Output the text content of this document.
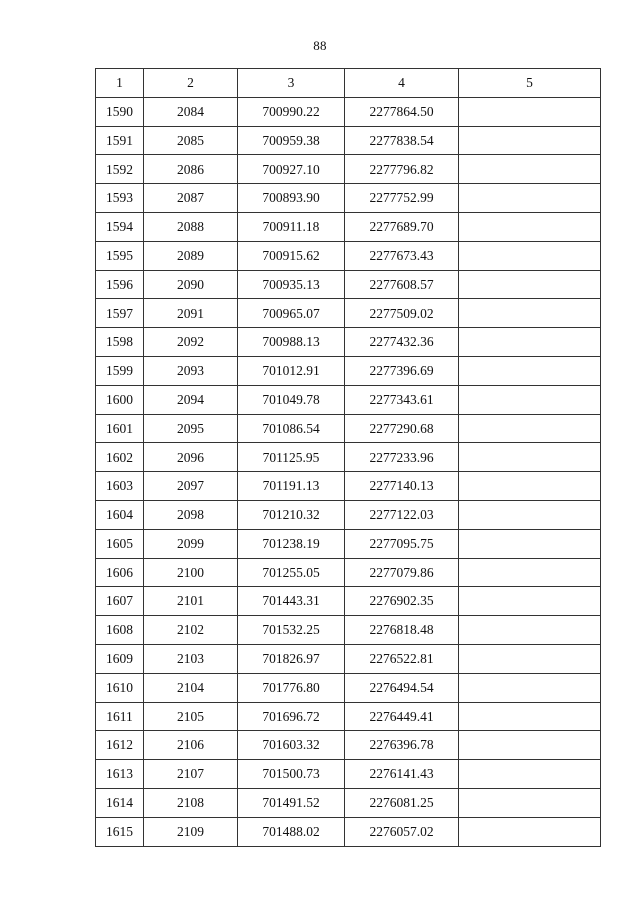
88
1	2	3	4	5
1590	2084	700990.22	2277864.50	
1591	2085	700959.38	2277838.54	
1592	2086	700927.10	2277796.82	
1593	2087	700893.90	2277752.99	
1594	2088	700911.18	2277689.70	
1595	2089	700915.62	2277673.43	
1596	2090	700935.13	2277608.57	
1597	2091	700965.07	2277509.02	
1598	2092	700988.13	2277432.36	
1599	2093	701012.91	2277396.69	
1600	2094	701049.78	2277343.61	
1601	2095	701086.54	2277290.68	
1602	2096	701125.95	2277233.96	
1603	2097	701191.13	2277140.13	
1604	2098	701210.32	2277122.03	
1605	2099	701238.19	2277095.75	
1606	2100	701255.05	2277079.86	
1607	2101	701443.31	2276902.35	
1608	2102	701532.25	2276818.48	
1609	2103	701826.97	2276522.81	
1610	2104	701776.80	2276494.54	
1611	2105	701696.72	2276449.41	
1612	2106	701603.32	2276396.78	
1613	2107	701500.73	2276141.43	
1614	2108	701491.52	2276081.25	
1615	2109	701488.02	2276057.02	
